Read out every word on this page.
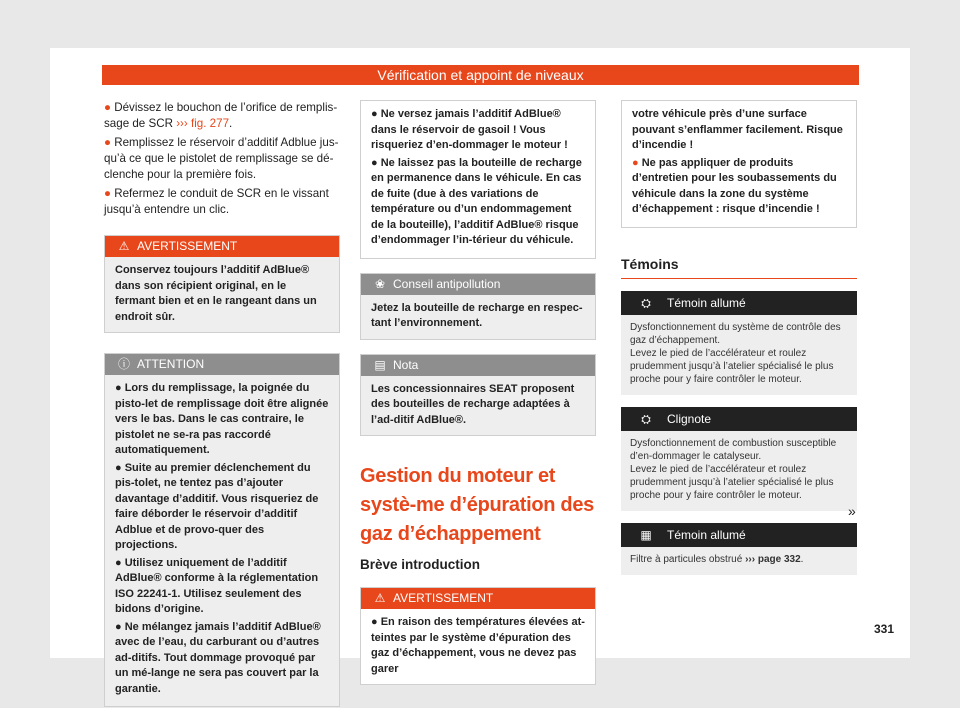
Vérification et appoint de niveaux

● Dévissez le bouchon de l’orifice de remplis-sage de SCR ››› fig. 277.

● Remplissez le réservoir d’additif Adblue jus-qu’à ce que le pistolet de remplissage se dé-clenche pour la première fois.

● Refermez le conduit de SCR en le vissant jusqu’à entendre un clic.

⚠ AVERTISSEMENT
Conservez toujours l’additif AdBlue® dans son récipient original, en le fermant bien et en le rangeant dans un endroit sûr.
ⓘ ATTENTION

● Lors du remplissage, la poignée du pisto-let de remplissage doit être alignée vers le bas. Dans le cas contraire, le pistolet ne se-ra pas raccordé automatiquement.

● Suite au premier déclenchement du pis-tolet, ne tentez pas d’ajouter davantage d’additif. Vous risqueriez de faire déborder le réservoir d’additif Adblue et de provo-quer des projections.

● Utilisez uniquement de l’additif AdBlue® conforme à la réglementation ISO 22241-1. Utilisez seulement des bidons d’origine.

● Ne mélangez jamais l’additif AdBlue® avec de l’eau, du carburant ou d’autres ad-ditifs. Tout dommage provoqué par un mé-lange ne sera pas couvert par la garantie.

● Ne versez jamais l’additif AdBlue® dans le réservoir de gasoil ! Vous risqueriez d’en-dommager le moteur !

● Ne laissez pas la bouteille de recharge en permanence dans le véhicule. En cas de fuite (due à des variations de température ou d’un endommagement de la bouteille), l’additif AdBlue® risque d’endommager l’in-térieur du véhicule.

❀ Conseil antipollution
Jetez la bouteille de recharge en respec-tant l’environnement.
▤ Nota
Les concessionnaires SEAT proposent des bouteilles de recharge adaptées à l’ad-ditif AdBlue®.
Gestion du moteur et systè-me d’épuration des gaz d’échappement
Brève introduction
⚠ AVERTISSEMENT
● En raison des températures élevées at-teintes par le système d’épuration des gaz d’échappement, vous ne devez pas garer

votre véhicule près d’une surface pouvant s’enflammer facilement. Risque d’incendie !

● Ne pas appliquer de produits d’entretien pour les soubassements du véhicule dans la zone du système d’échappement : risque d’incendie !

Témoins
⛭ Témoin allumé
Dysfonctionnement du système de contrôle des gaz d’échappement.
Levez le pied de l’accélérateur et roulez prudemment jusqu’à l’atelier spécialisé le plus proche pour y faire contrôler le moteur.
⛭ Clignote
Dysfonctionnement de combustion susceptible d’en-dommager le catalyseur.
Levez le pied de l’accélérateur et roulez prudemment jusqu’à l’atelier spécialisé le plus proche pour y faire contrôler le moteur.
▦ Témoin allumé
Filtre à particules obstrué ››› page 332.
»
331
